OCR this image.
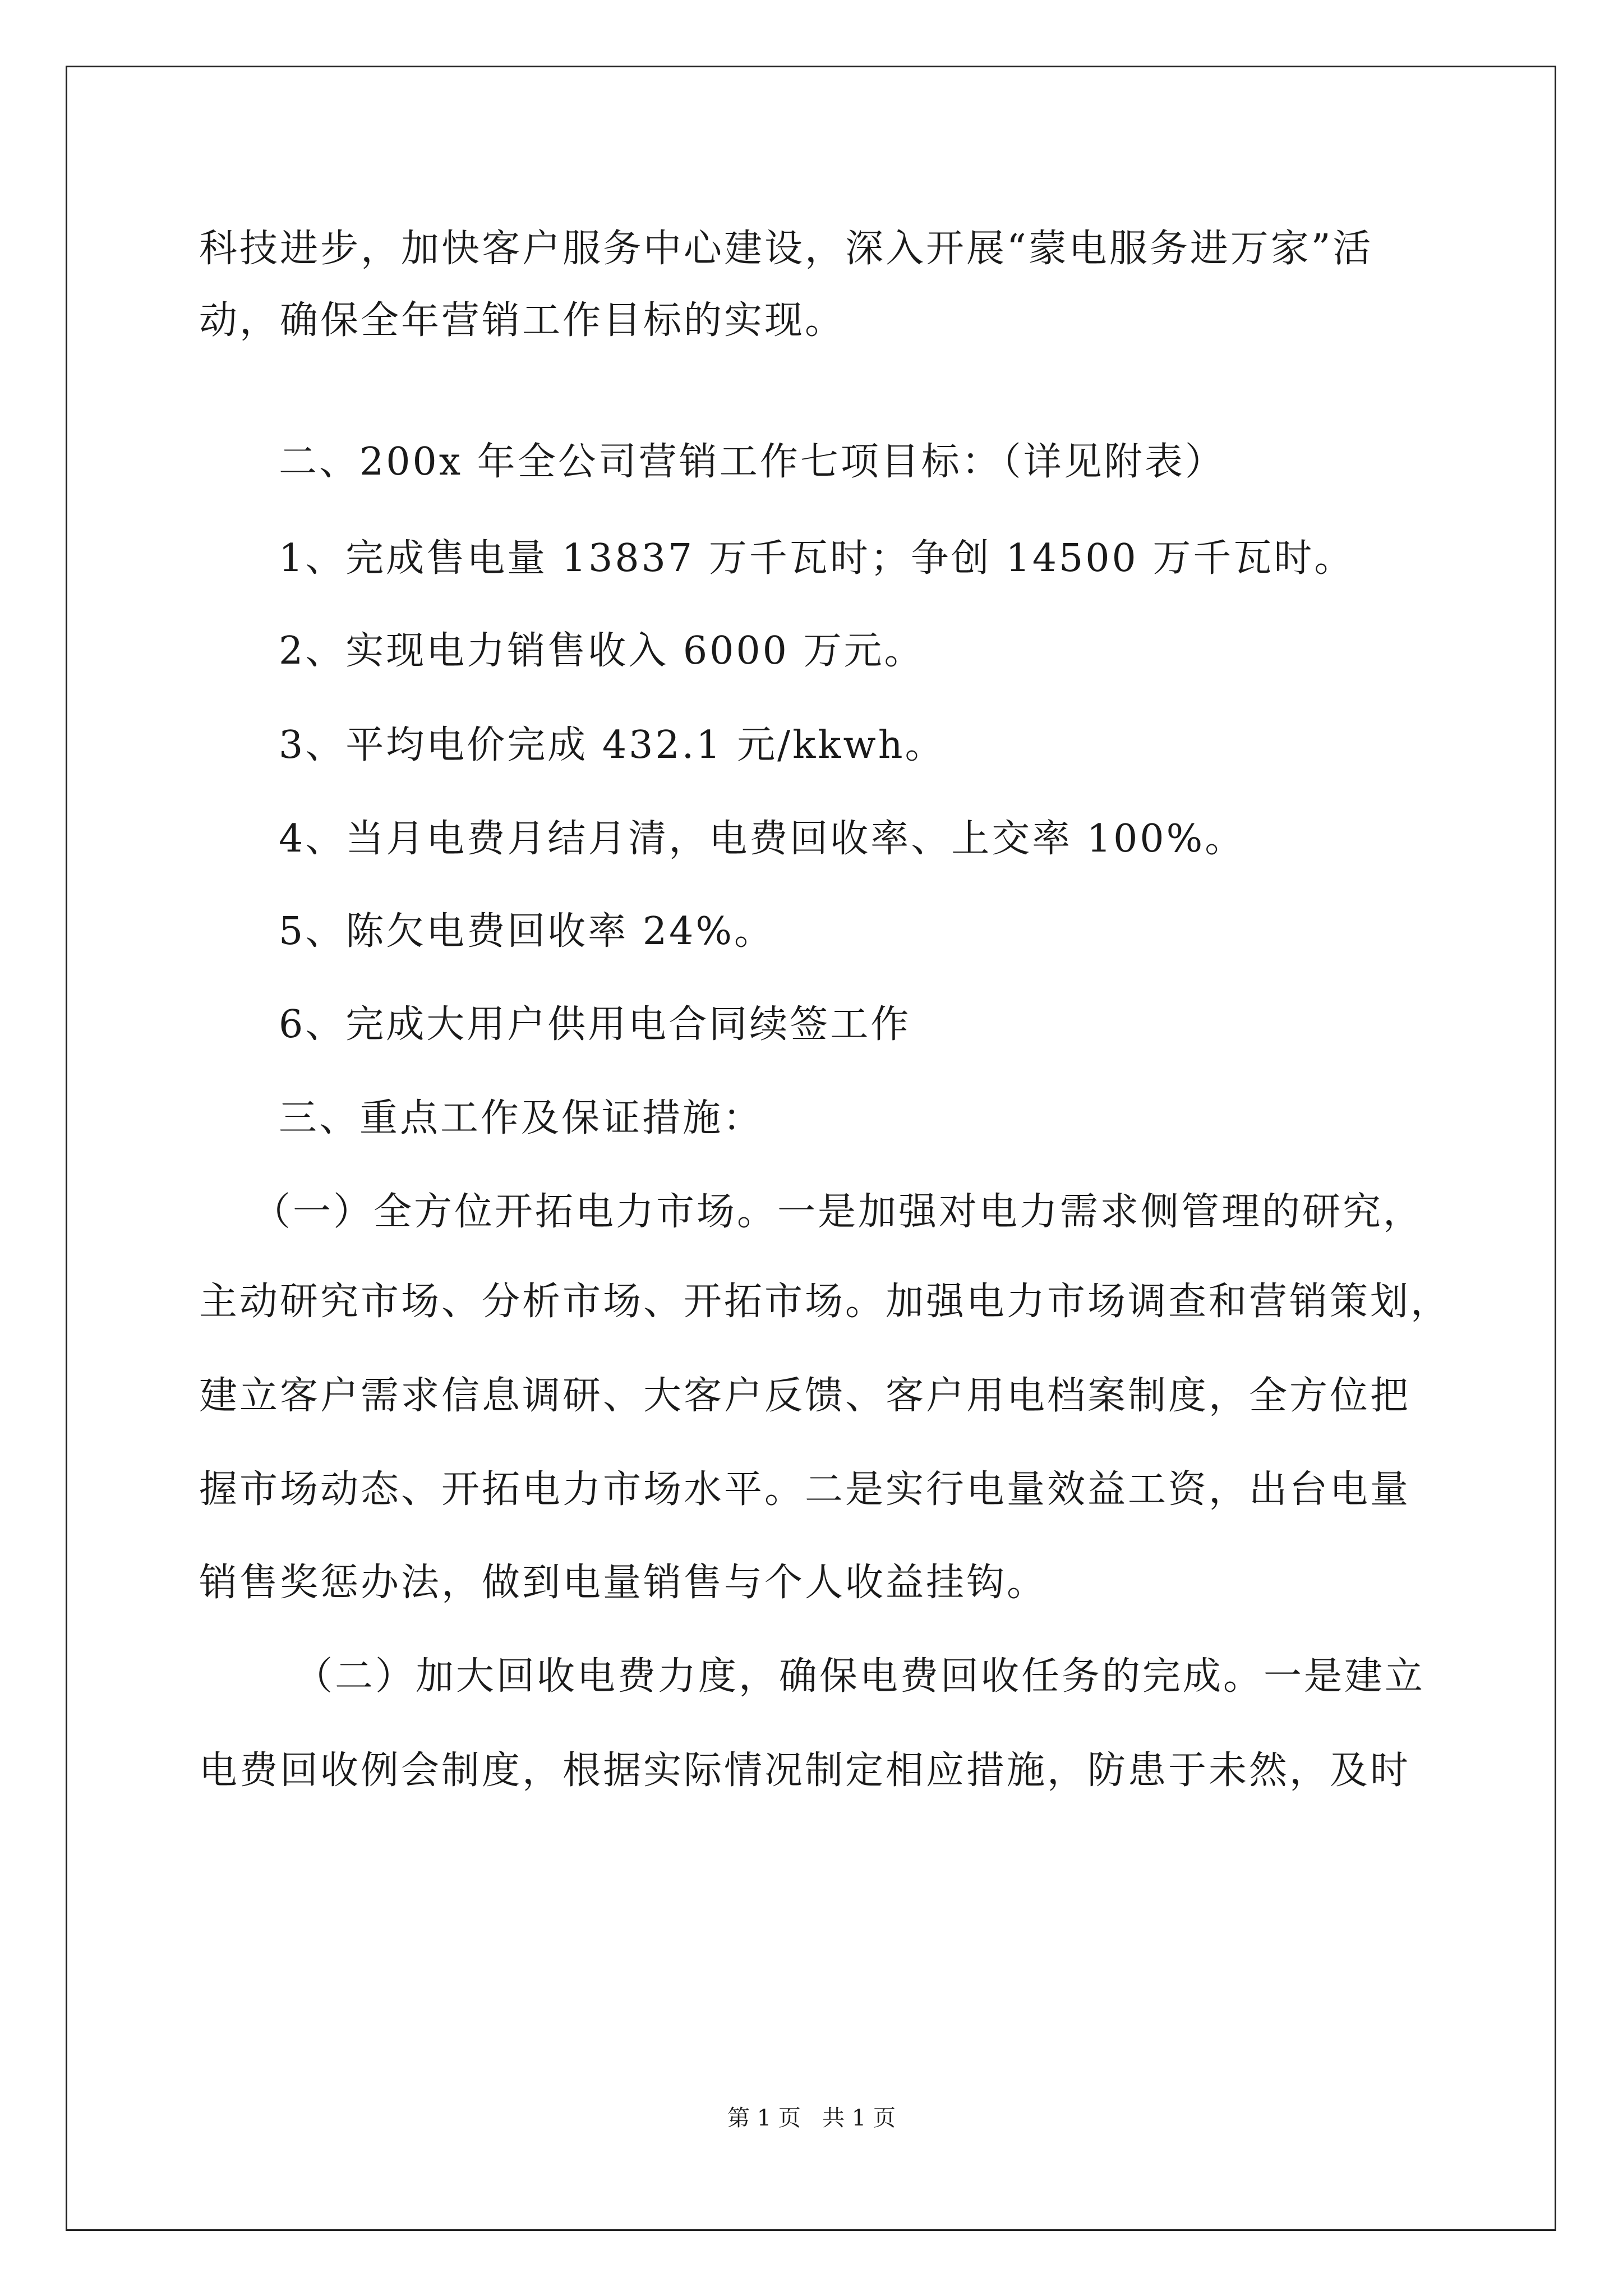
科技进步，加快客户服务中心建设，深入开展“蒙电服务进万家”活
动，确保全年营销工作目标的实现。
二、200x 年全公司营销工作七项目标：（详见附表）
1、完成售电量 13837 万千瓦时；争创 14500 万千瓦时。
2、实现电力销售收入 6000 万元。
3、平均电价完成 432.1 元/kkwh。
4、当月电费月结月清，电费回收率、上交率 100%。
5、陈欠电费回收率 24%。
6、完成大用户供用电合同续签工作
三、重点工作及保证措施：
（一）全方位开拓电力市场。一是加强对电力需求侧管理的研究，
主动研究市场、分析市场、开拓市场。加强电力市场调查和营销策划，
建立客户需求信息调研、大客户反馈、客户用电档案制度，全方位把
握市场动态、开拓电力市场水平。二是实行电量效益工资，出台电量
销售奖惩办法，做到电量销售与个人收益挂钩。
（二）加大回收电费力度，确保电费回收任务的完成。一是建立
电费回收例会制度，根据实际情况制定相应措施，防患于未然，及时
第 1 页   共 1 页
